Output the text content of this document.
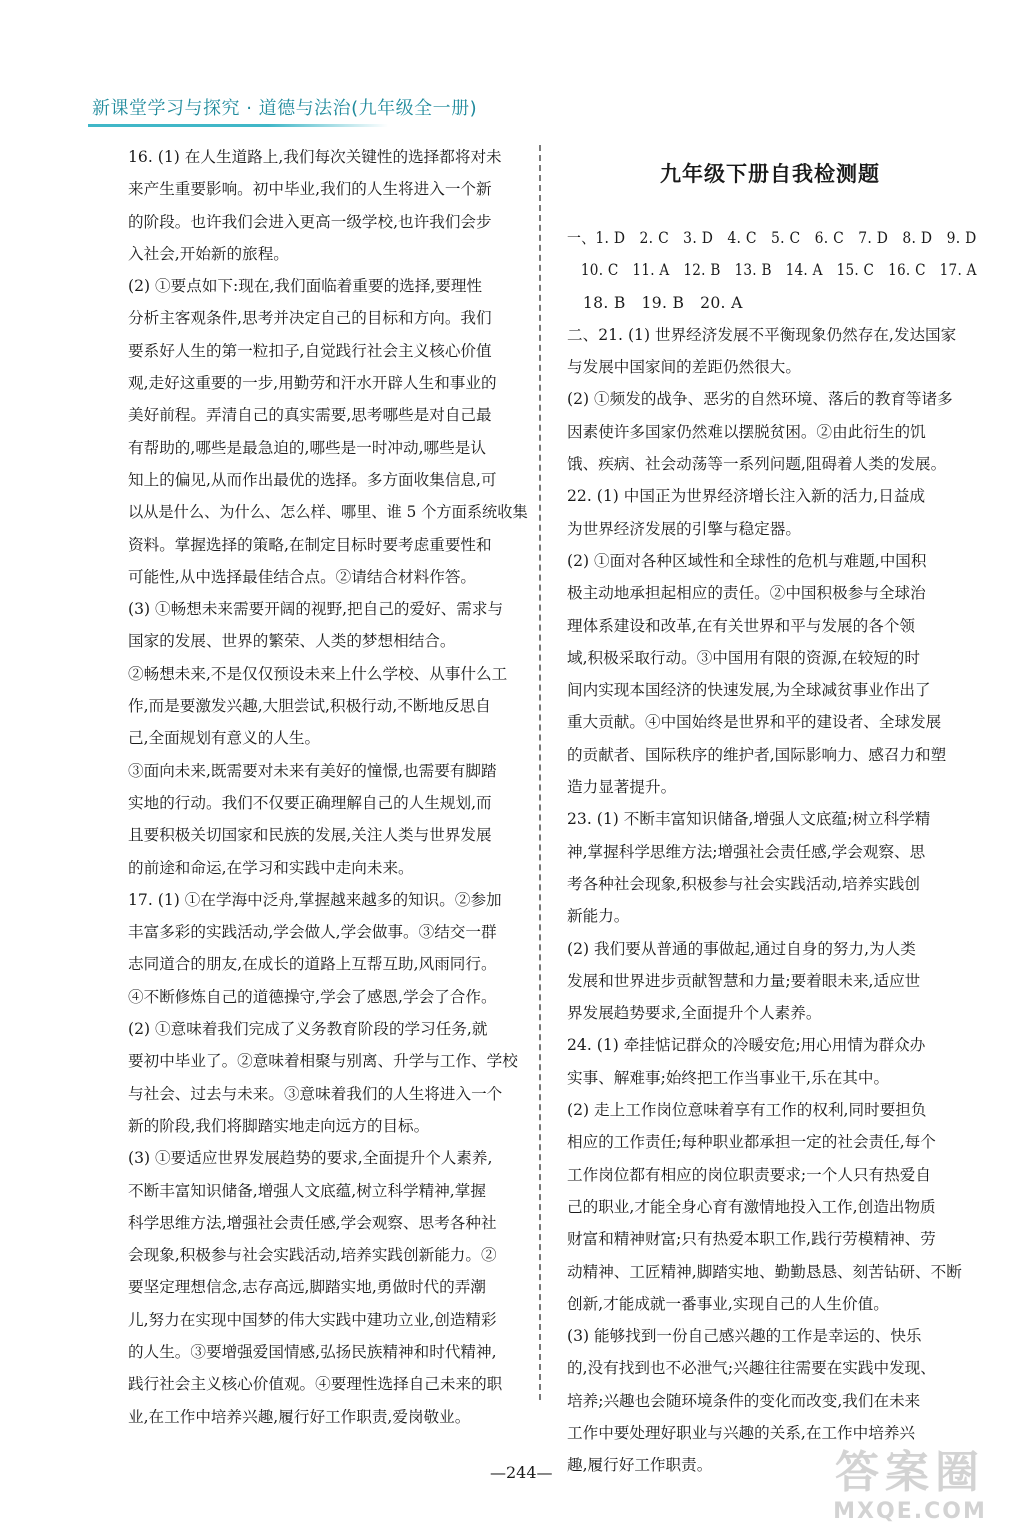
新课堂学习与探究 · 道德与法治(九年级全一册)
16. (1) 在人生道路上,我们每次关键性的选择都将对未
来产生重要影响。初中毕业,我们的人生将进入一个新
的阶段。也许我们会进入更高一级学校,也许我们会步
入社会,开始新的旅程。
(2) ①要点如下:现在,我们面临着重要的选择,要理性
分析主客观条件,思考并决定自己的目标和方向。我们
要系好人生的第一粒扣子,自觉践行社会主义核心价值
观,走好这重要的一步,用勤劳和汗水开辟人生和事业的
美好前程。弄清自己的真实需要,思考哪些是对自己最
有帮助的,哪些是最急迫的,哪些是一时冲动,哪些是认
知上的偏见,从而作出最优的选择。多方面收集信息,可
以从是什么、为什么、怎么样、哪里、谁 5 个方面系统收集
资料。掌握选择的策略,在制定目标时要考虑重要性和
可能性,从中选择最佳结合点。②请结合材料作答。
(3) ①畅想未来需要开阔的视野,把自己的爱好、需求与
国家的发展、世界的繁荣、人类的梦想相结合。
②畅想未来,不是仅仅预设未来上什么学校、从事什么工
作,而是要激发兴趣,大胆尝试,积极行动,不断地反思自
己,全面规划有意义的人生。
③面向未来,既需要对未来有美好的憧憬,也需要有脚踏
实地的行动。我们不仅要正确理解自己的人生规划,而
且要积极关切国家和民族的发展,关注人类与世界发展
的前途和命运,在学习和实践中走向未来。
17. (1) ①在学海中泛舟,掌握越来越多的知识。②参加
丰富多彩的实践活动,学会做人,学会做事。③结交一群
志同道合的朋友,在成长的道路上互帮互助,风雨同行。
④不断修炼自己的道德操守,学会了感恩,学会了合作。
(2) ①意味着我们完成了义务教育阶段的学习任务,就
要初中毕业了。②意味着相聚与别离、升学与工作、学校
与社会、过去与未来。③意味着我们的人生将进入一个
新的阶段,我们将脚踏实地走向远方的目标。
(3) ①要适应世界发展趋势的要求,全面提升个人素养,
不断丰富知识储备,增强人文底蕴,树立科学精神,掌握
科学思维方法,增强社会责任感,学会观察、思考各种社
会现象,积极参与社会实践活动,培养实践创新能力。②
要坚定理想信念,志存高远,脚踏实地,勇做时代的弄潮
儿,努力在实现中国梦的伟大实践中建功立业,创造精彩
的人生。③要增强爱国情感,弘扬民族精神和时代精神,
践行社会主义核心价值观。④要理性选择自己未来的职
业,在工作中培养兴趣,履行好工作职责,爱岗敬业。
九年级下册自我检测题
一、1. D　2. C　3. D　4. C　5. C　6. C　7. D　8. D　9. D
　10. C　11. A　12. B　13. B　14. A　15. C　16. C　17. A
　18. B　19. B　20. A
二、21. (1) 世界经济发展不平衡现象仍然存在,发达国家
与发展中国家间的差距仍然很大。
(2) ①频发的战争、恶劣的自然环境、落后的教育等诸多
因素使许多国家仍然难以摆脱贫困。②由此衍生的饥
饿、疾病、社会动荡等一系列问题,阻碍着人类的发展。
22. (1) 中国正为世界经济增长注入新的活力,日益成
为世界经济发展的引擎与稳定器。
(2) ①面对各种区域性和全球性的危机与难题,中国积
极主动地承担起相应的责任。②中国积极参与全球治
理体系建设和改革,在有关世界和平与发展的各个领
域,积极采取行动。③中国用有限的资源,在较短的时
间内实现本国经济的快速发展,为全球减贫事业作出了
重大贡献。④中国始终是世界和平的建设者、全球发展
的贡献者、国际秩序的维护者,国际影响力、感召力和塑
造力显著提升。
23. (1) 不断丰富知识储备,增强人文底蕴;树立科学精
神,掌握科学思维方法;增强社会责任感,学会观察、思
考各种社会现象,积极参与社会实践活动,培养实践创
新能力。
(2) 我们要从普通的事做起,通过自身的努力,为人类
发展和世界进步贡献智慧和力量;要着眼未来,适应世
界发展趋势要求,全面提升个人素养。
24. (1) 牵挂惦记群众的冷暖安危;用心用情为群众办
实事、解难事;始终把工作当事业干,乐在其中。
(2) 走上工作岗位意味着享有工作的权利,同时要担负
相应的工作责任;每种职业都承担一定的社会责任,每个
工作岗位都有相应的岗位职责要求;一个人只有热爱自
己的职业,才能全身心育有激情地投入工作,创造出物质
财富和精神财富;只有热爱本职工作,践行劳模精神、劳
动精神、工匠精神,脚踏实地、勤勤恳恳、刻苦钻研、不断
创新,才能成就一番事业,实现自己的人生价值。
(3) 能够找到一份自己感兴趣的工作是幸运的、快乐
的,没有找到也不必泄气;兴趣往往需要在实践中发现、
培养;兴趣也会随环境条件的变化而改变,我们在未来
工作中要处理好职业与兴趣的关系,在工作中培养兴
趣,履行好工作职责。
—244—	答案圈
MXQE.COM
